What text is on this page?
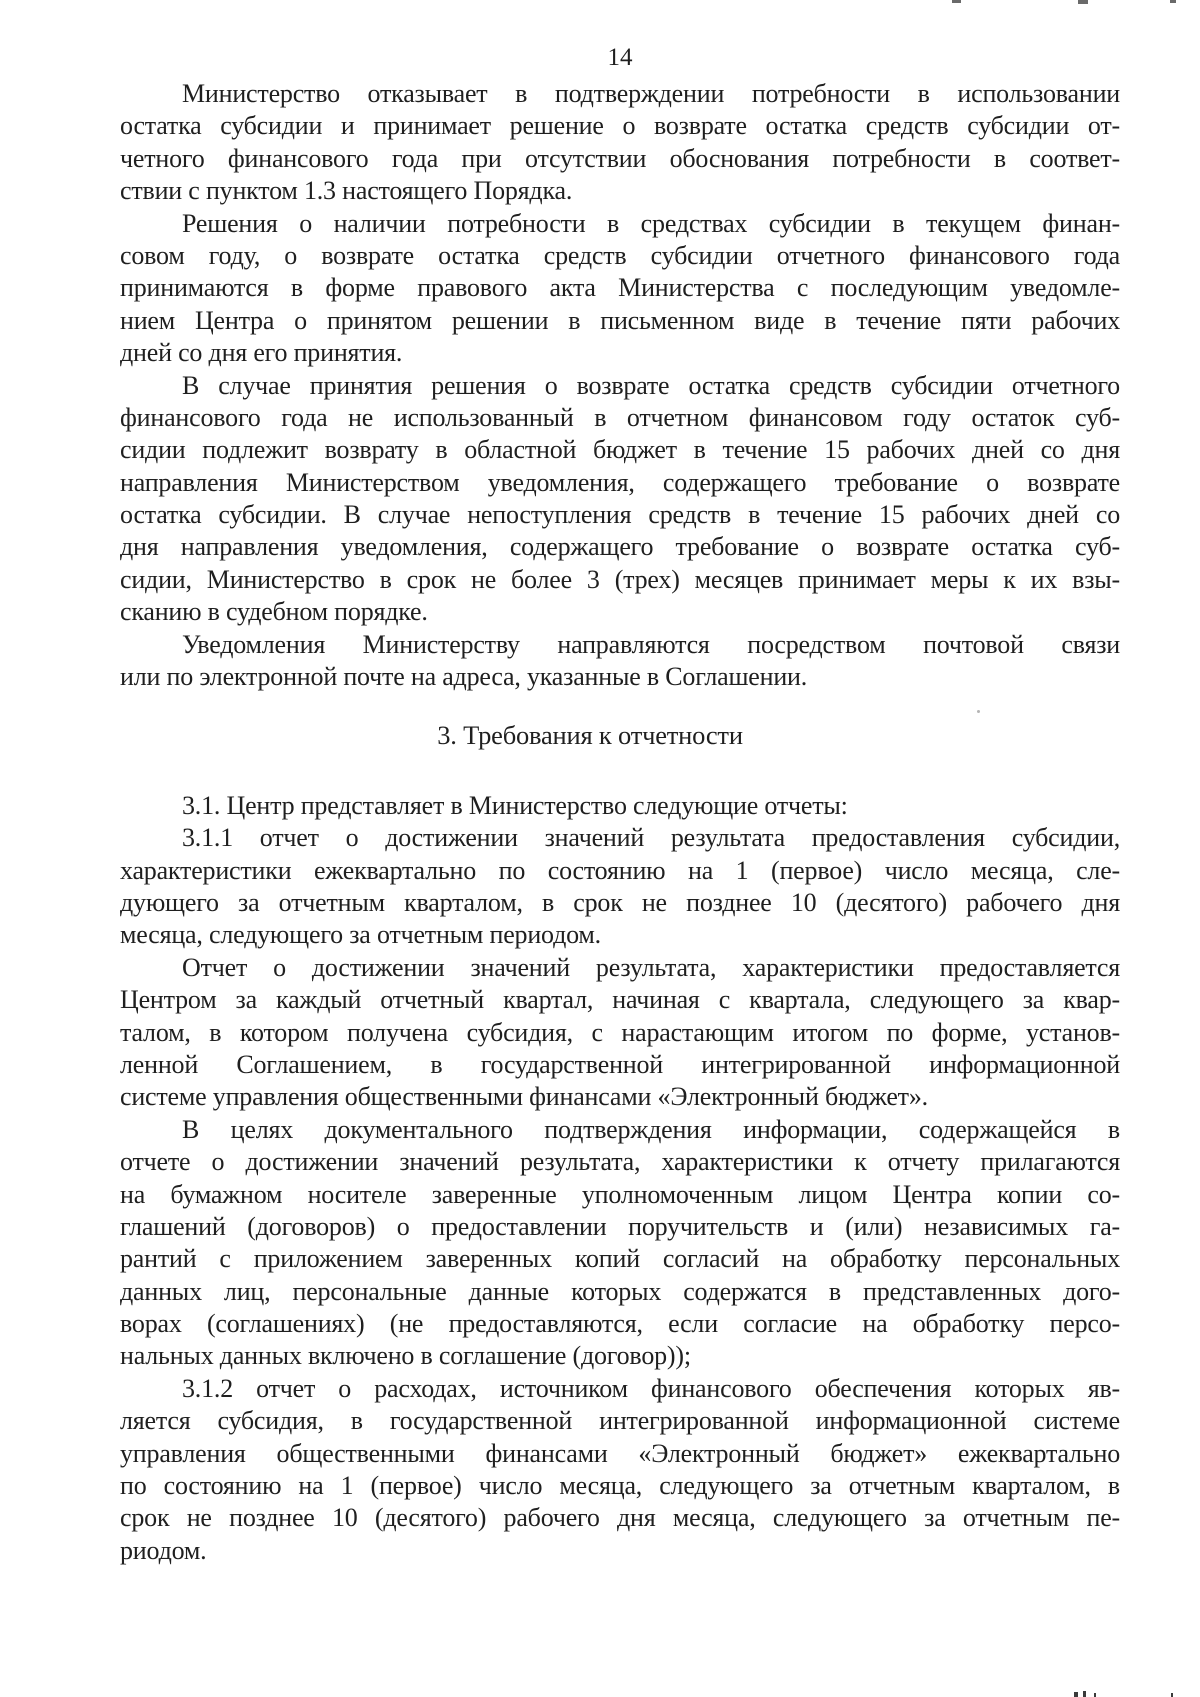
14
Министерство отказывает в подтверждении потребности в использовании
остатка субсидии и принимает решение о возврате остатка средств субсидии от-
четного финансового года при отсутствии обоснования потребности в соответ-
ствии с пунктом 1.3 настоящего Порядка.
Решения о наличии потребности в средствах субсидии в текущем финан-
совом году, о возврате остатка средств субсидии отчетного финансового года
принимаются в форме правового акта Министерства с последующим уведомле-
нием Центра о принятом решении в письменном виде в течение пяти рабочих
дней со дня его принятия.
В случае принятия решения о возврате остатка средств субсидии отчетного
финансового года не использованный в отчетном финансовом году остаток суб-
сидии подлежит возврату в областной бюджет в течение 15 рабочих дней со дня
направления Министерством уведомления, содержащего требование о возврате
остатка субсидии. В случае непоступления средств в течение 15 рабочих дней со
дня направления уведомления, содержащего требование о возврате остатка суб-
сидии, Министерство в срок не более 3 (трех) месяцев принимает меры к их взы-
сканию в судебном порядке.
Уведомления Министерству направляются посредством почтовой связи
или по электронной почте на адреса, указанные в Соглашении.
3. Требования к отчетности
3.1. Центр представляет в Министерство следующие отчеты:
3.1.1 отчет о достижении значений результата предоставления субсидии,
характеристики ежеквартально по состоянию на 1 (первое) число месяца, сле-
дующего за отчетным кварталом, в срок не позднее 10 (десятого) рабочего дня
месяца, следующего за отчетным периодом.
Отчет о достижении значений результата, характеристики предоставляется
Центром за каждый отчетный квартал, начиная с квартала, следующего за квар-
талом, в котором получена субсидия, с нарастающим итогом по форме, установ-
ленной Соглашением, в государственной интегрированной информационной
системе управления общественными финансами «Электронный бюджет».
В целях документального подтверждения информации, содержащейся в
отчете о достижении значений результата, характеристики к отчету прилагаются
на бумажном носителе заверенные уполномоченным лицом Центра копии со-
глашений (договоров) о предоставлении поручительств и (или) независимых га-
рантий с приложением заверенных копий согласий на обработку персональных
данных лиц, персональные данные которых содержатся в представленных дого-
ворах (соглашениях) (не предоставляются, если согласие на обработку персо-
нальных данных включено в соглашение (договор));
3.1.2 отчет о расходах, источником финансового обеспечения которых яв-
ляется субсидия, в государственной интегрированной информационной системе
управления общественными финансами «Электронный бюджет» ежеквартально
по состоянию на 1 (первое) число месяца, следующего за отчетным кварталом, в
срок не позднее 10 (десятого) рабочего дня месяца, следующего за отчетным пе-
риодом.
